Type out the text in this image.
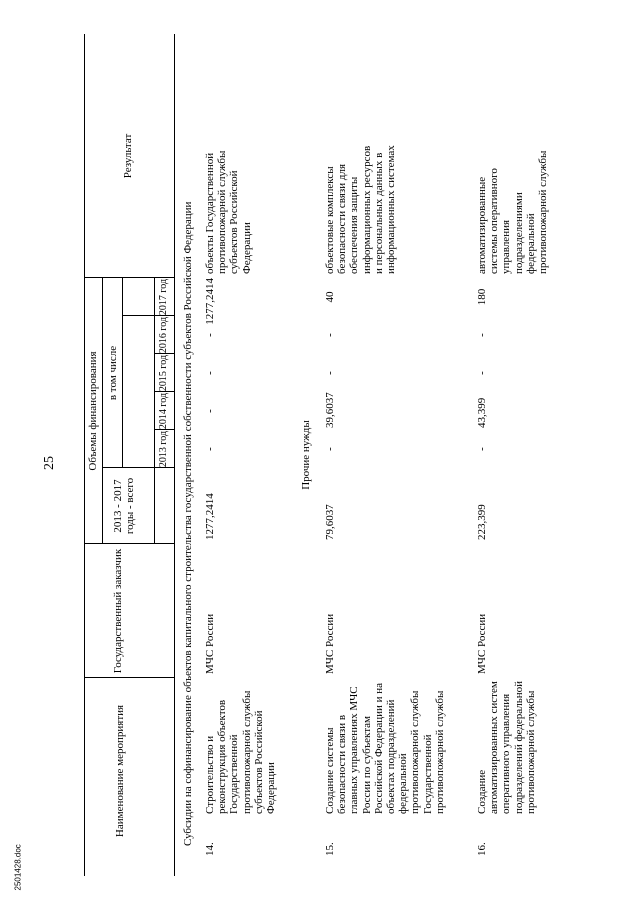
25
2501428.doc
Наименование мероприятия
Государственный заказчик
Объемы финансирования
2013 - 2017 годы - всего
в том числе
2013 год
2014 год
2015 год
2016 год
2017 год
Результат
Субсидии на софинансирование объектов капитального строительства государственной собственности субъектов Российской Федерации
14.
Строительство и реконструкция объектов Государственной противопожарной службы субъектов Российской Федерации
МЧС России
1277,2414
-
-
-
-
1277,2414
объекты Государственной противопожарной службы субъектов Российской Федерации
Прочие нужды
15.
Создание системы безопасности связи в главных управлениях МЧС России по субъектам Российской Федерации и на объектах подразделений федеральной противопожарной службы Государственной противопожарной службы
МЧС России
79,6037
-
39,6037
-
-
40
объектовые комплексы безопасности связи для обеспечения защиты информационных ресурсов и персональных данных в информационных системах
16.
Создание автоматизированных систем оперативного управления подразделений федеральной противопожарной службы
МЧС России
223,399
-
43,399
-
-
180
автоматизированные системы оперативного управления подразделениями федеральной противопожарной службы
